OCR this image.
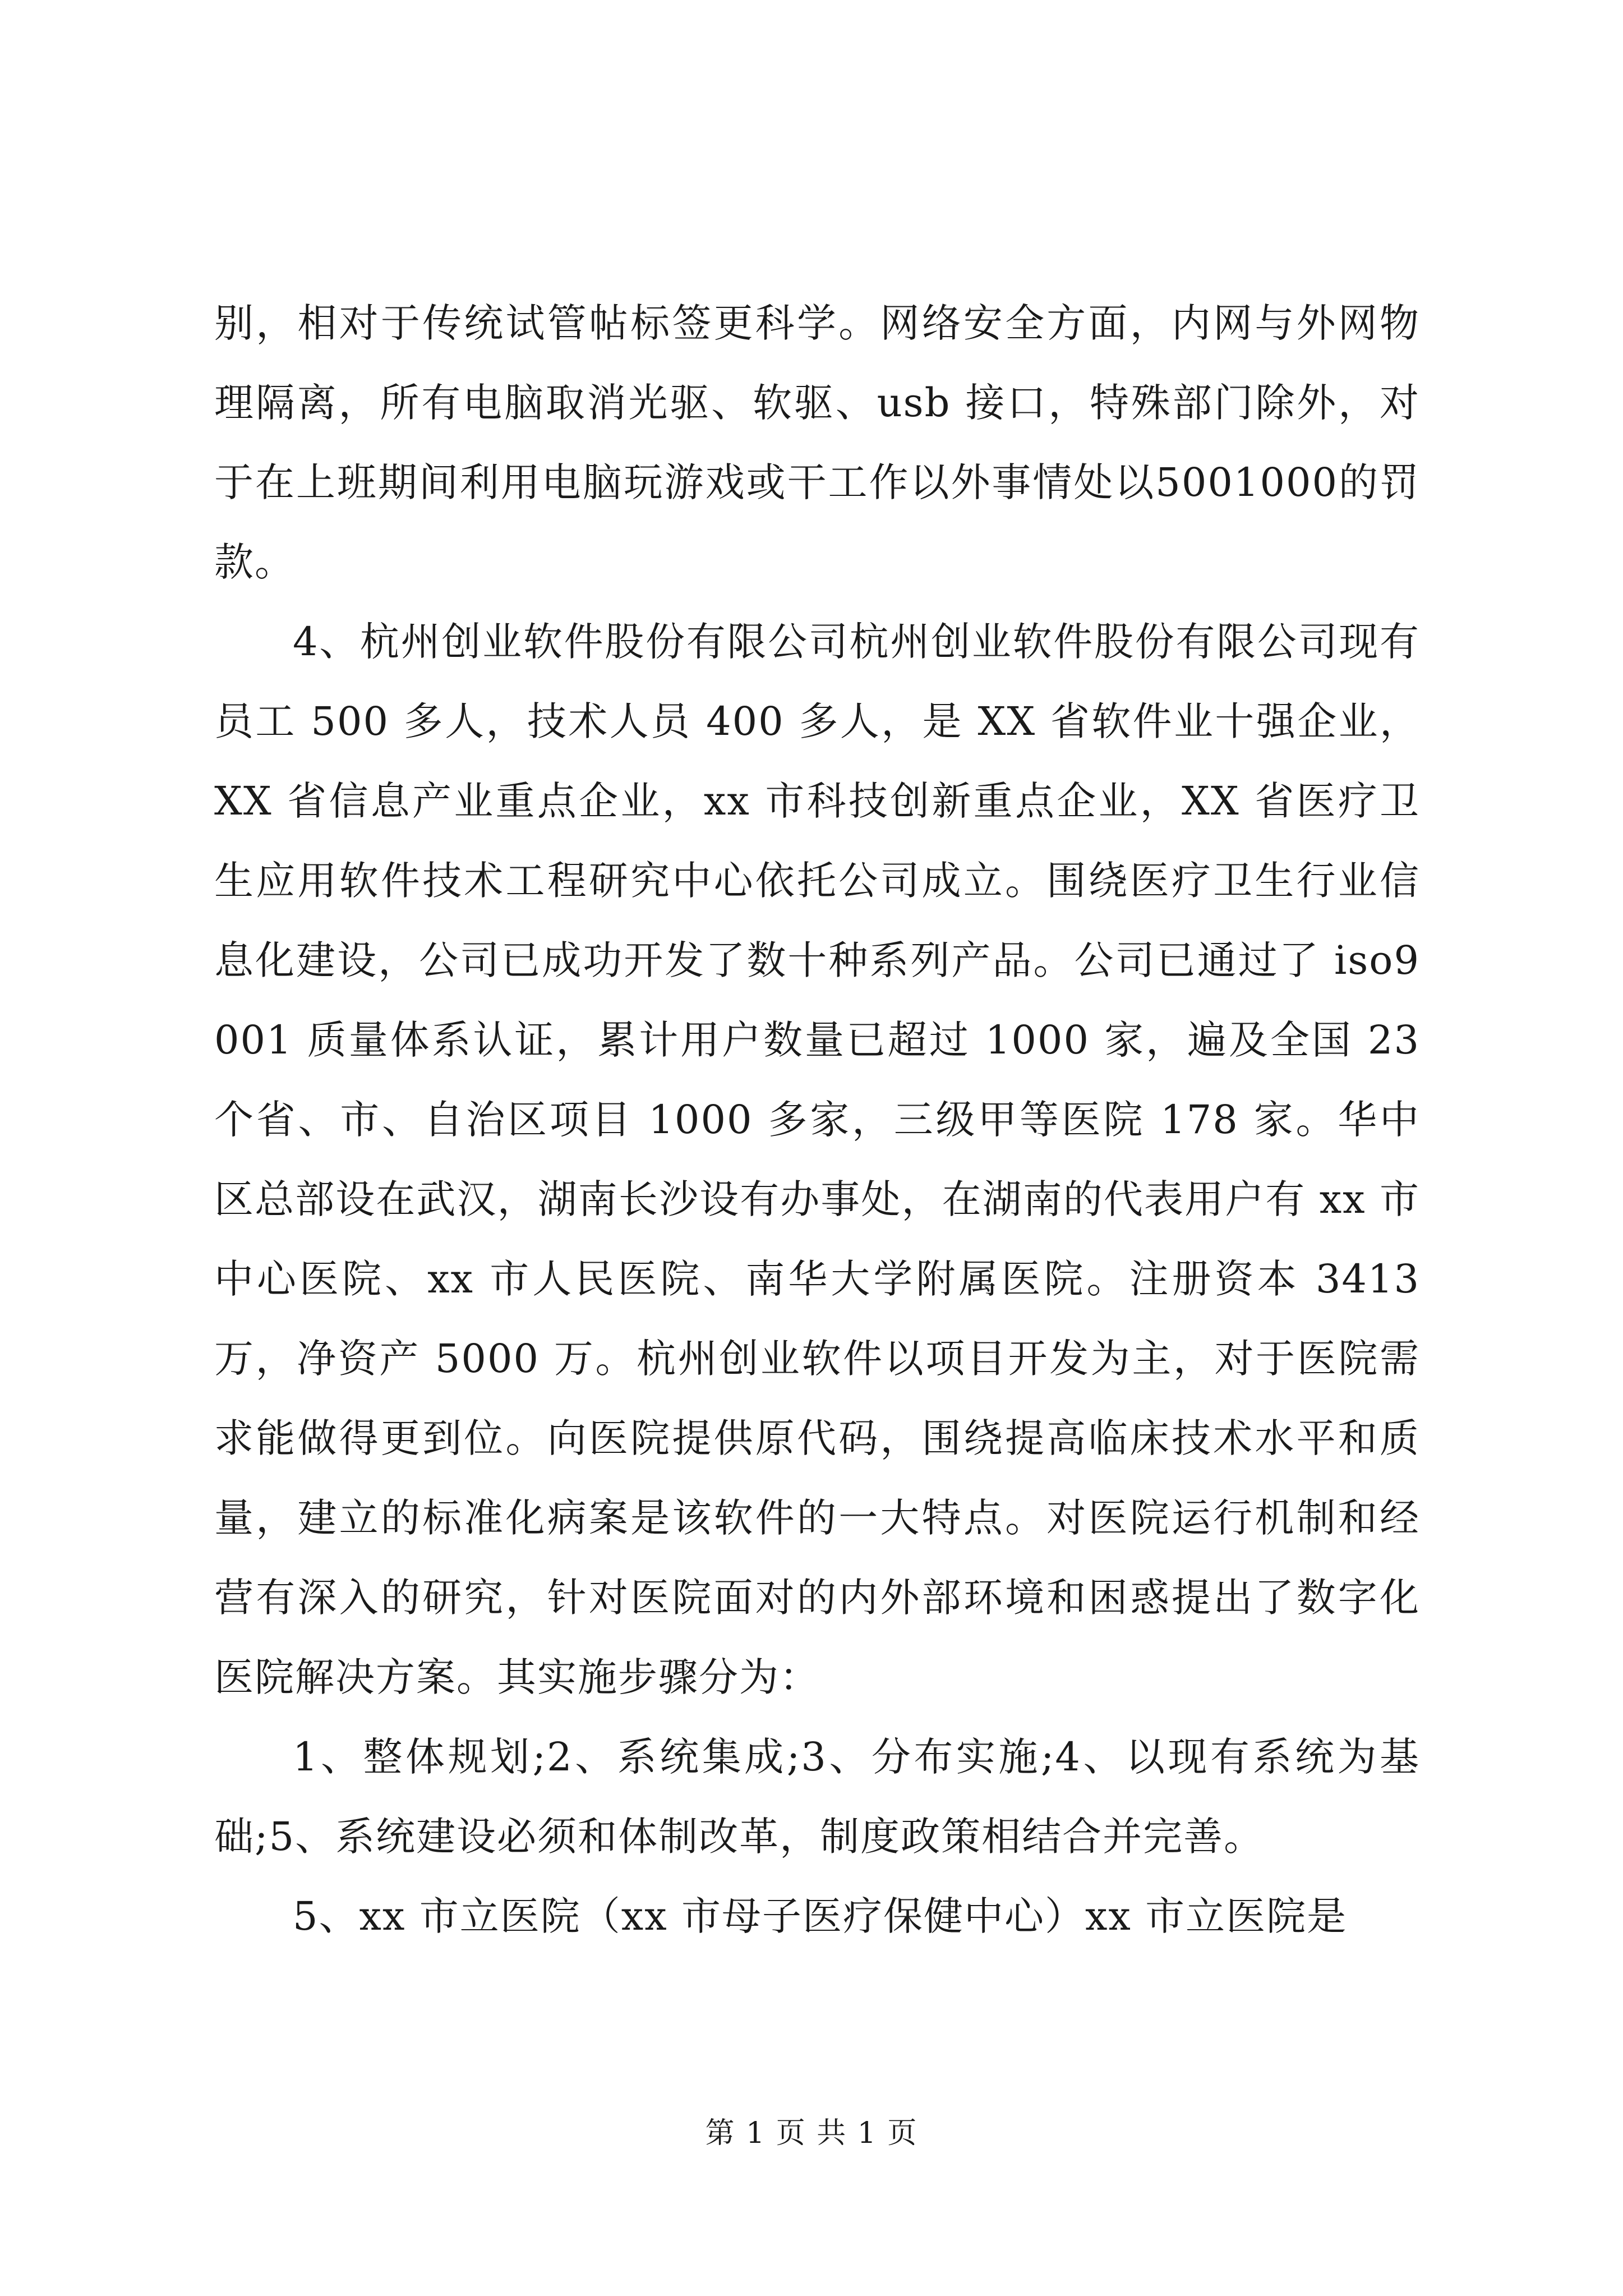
别，相对于传统试管帖标签更科学。网络安全方面，内网与外网物理隔离，所有电脑取消光驱、软驱、usb 接口，特殊部门除外，对于在上班期间利用电脑玩游戏或干工作以外事情处以5001000的罚款。

4、杭州创业软件股份有限公司杭州创业软件股份有限公司现有员工 500 多人，技术人员 400 多人，是 XX 省软件业十强企业，XX 省信息产业重点企业，xx 市科技创新重点企业，XX 省医疗卫生应用软件技术工程研究中心依托公司成立。围绕医疗卫生行业信息化建设，公司已成功开发了数十种系列产品。公司已通过了 iso9001 质量体系认证，累计用户数量已超过 1000 家，遍及全国 23 个省、市、自治区项目 1000 多家，三级甲等医院 178 家。华中区总部设在武汉，湖南长沙设有办事处，在湖南的代表用户有 xx 市中心医院、xx 市人民医院、南华大学附属医院。注册资本 3413 万，净资产 5000 万。杭州创业软件以项目开发为主，对于医院需求能做得更到位。向医院提供原代码，围绕提高临床技术水平和质量，建立的标准化病案是该软件的一大特点。对医院运行机制和经营有深入的研究，针对医院面对的内外部环境和困惑提出了数字化医院解决方案。其实施步骤分为：

1、整体规划;2、系统集成;3、分布实施;4、以现有系统为基础;5、系统建设必须和体制改革，制度政策相结合并完善。

5、xx 市立医院（xx 市母子医疗保健中心）xx 市立医院是

第 1 页 共 1 页
